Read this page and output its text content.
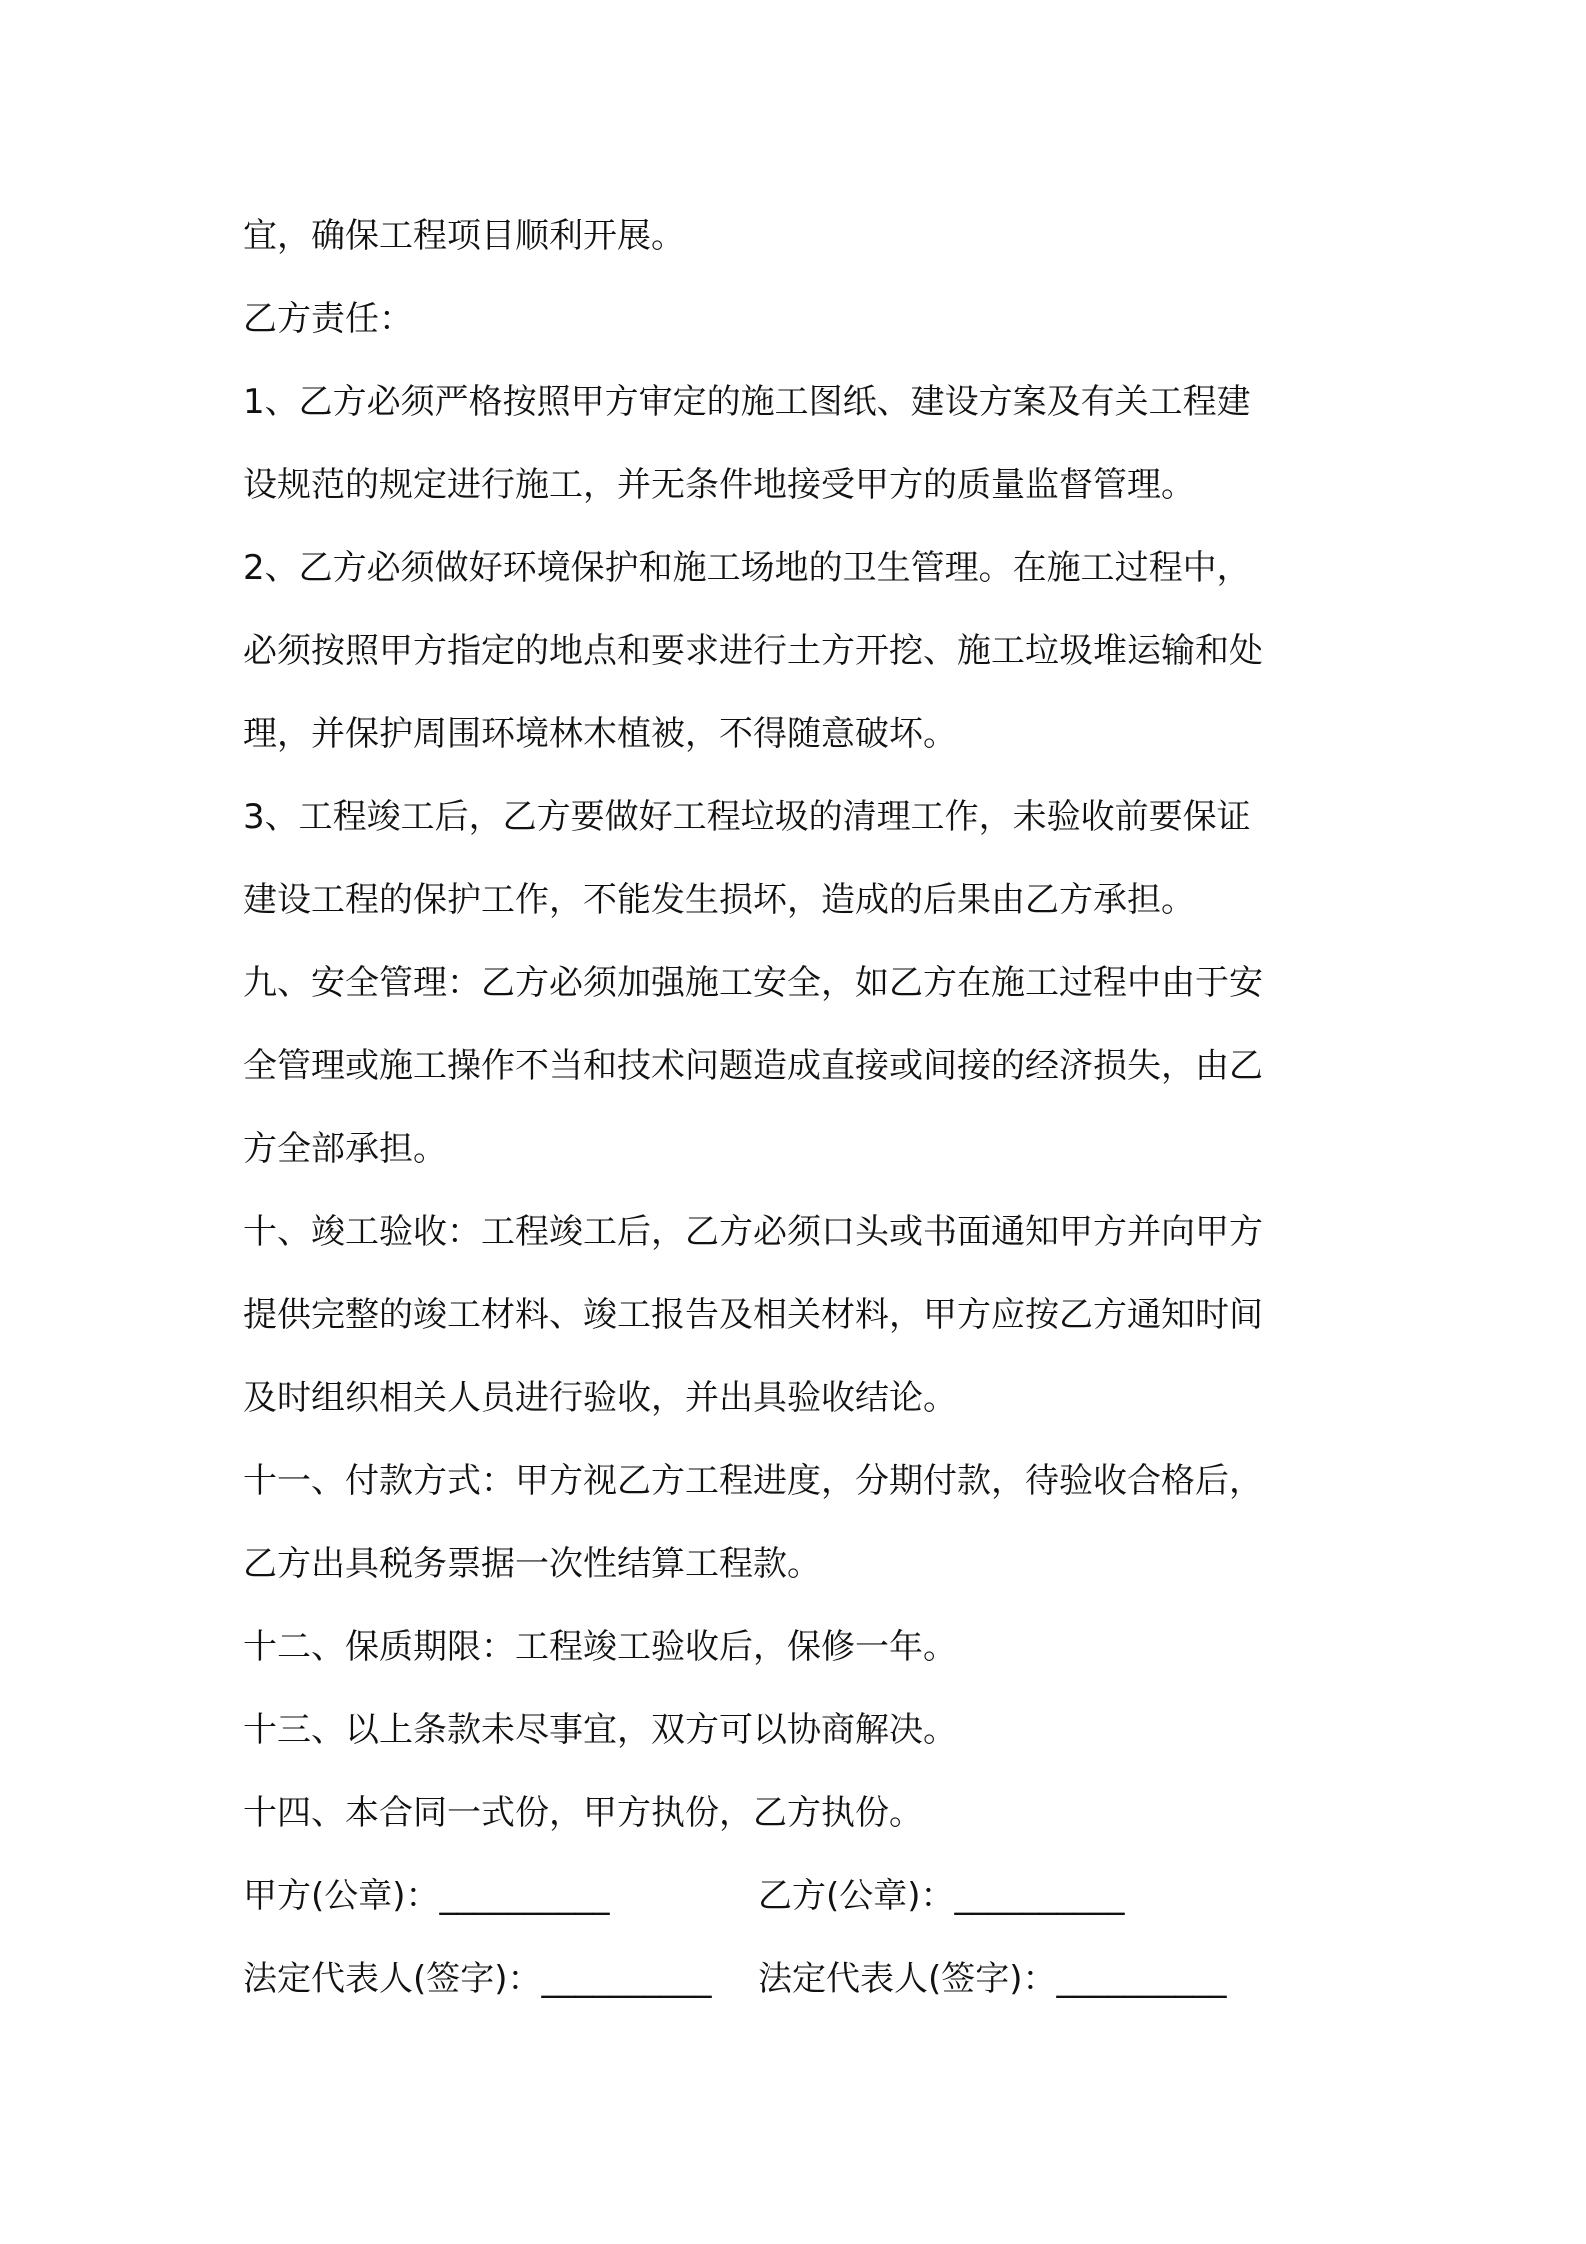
宜，确保工程项目顺利开展。
乙方责任：
1、乙方必须严格按照甲方审定的施工图纸、建设方案及有关工程建
设规范的规定进行施工，并无条件地接受甲方的质量监督管理。
2、乙方必须做好环境保护和施工场地的卫生管理。在施工过程中，
必须按照甲方指定的地点和要求进行土方开挖、施工垃圾堆运输和处
理，并保护周围环境林木植被，不得随意破坏。
3、工程竣工后，乙方要做好工程垃圾的清理工作，未验收前要保证
建设工程的保护工作，不能发生损坏，造成的后果由乙方承担。
九、安全管理：乙方必须加强施工安全，如乙方在施工过程中由于安
全管理或施工操作不当和技术问题造成直接或间接的经济损失，由乙
方全部承担。
十、竣工验收：工程竣工后，乙方必须口头或书面通知甲方并向甲方
提供完整的竣工材料、竣工报告及相关材料，甲方应按乙方通知时间
及时组织相关人员进行验收，并出具验收结论。
十一、付款方式：甲方视乙方工程进度，分期付款，待验收合格后，
乙方出具税务票据一次性结算工程款。
十二、保质期限：工程竣工验收后，保修一年。
十三、以上条款未尽事宜，双方可以协商解决。
十四、本合同一式份，甲方执份，乙方执份。
甲方(公章)：__________	乙方(公章)：__________
法定代表人(签字)：__________ 法定代表人(签字)：__________
